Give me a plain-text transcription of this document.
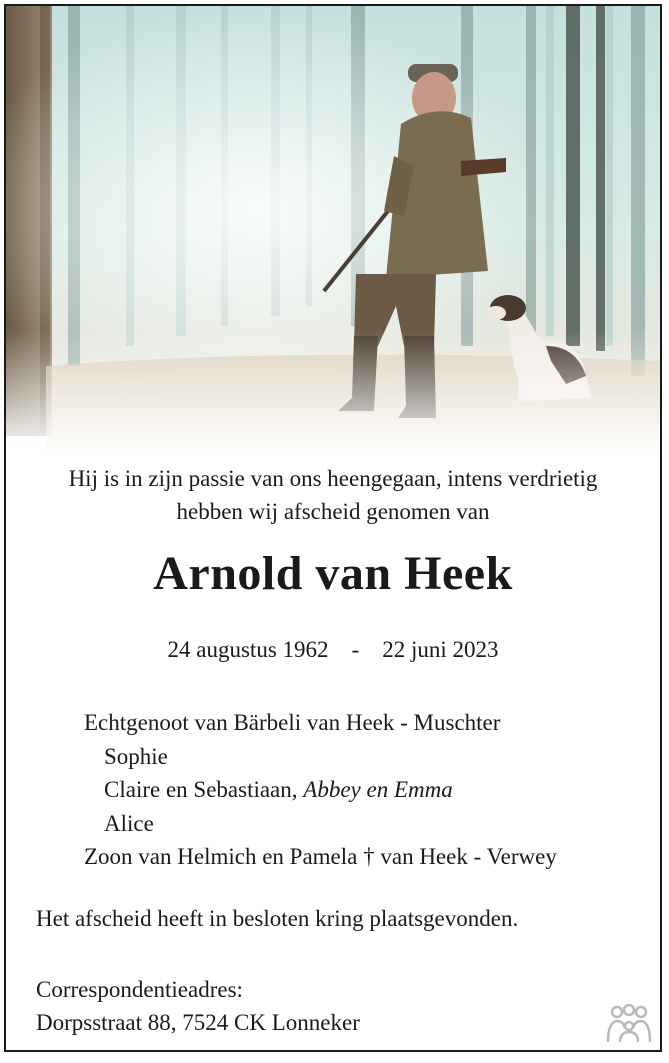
Hij is in zijn passie van ons heengegaan, intens verdrietig
hebben wij afscheid genomen van
Arnold van Heek
24 augustus 1962 - 22 juni 2023
Echtgenoot van Bärbeli van Heek - Muschter
Sophie
Claire en Sebastiaan, Abbey en Emma
Alice
Zoon van Helmich en Pamela † van Heek - Verwey
Het afscheid heeft in besloten kring plaatsgevonden.
Correspondentieadres:
Dorpsstraat 88, 7524 CK Lonneker
